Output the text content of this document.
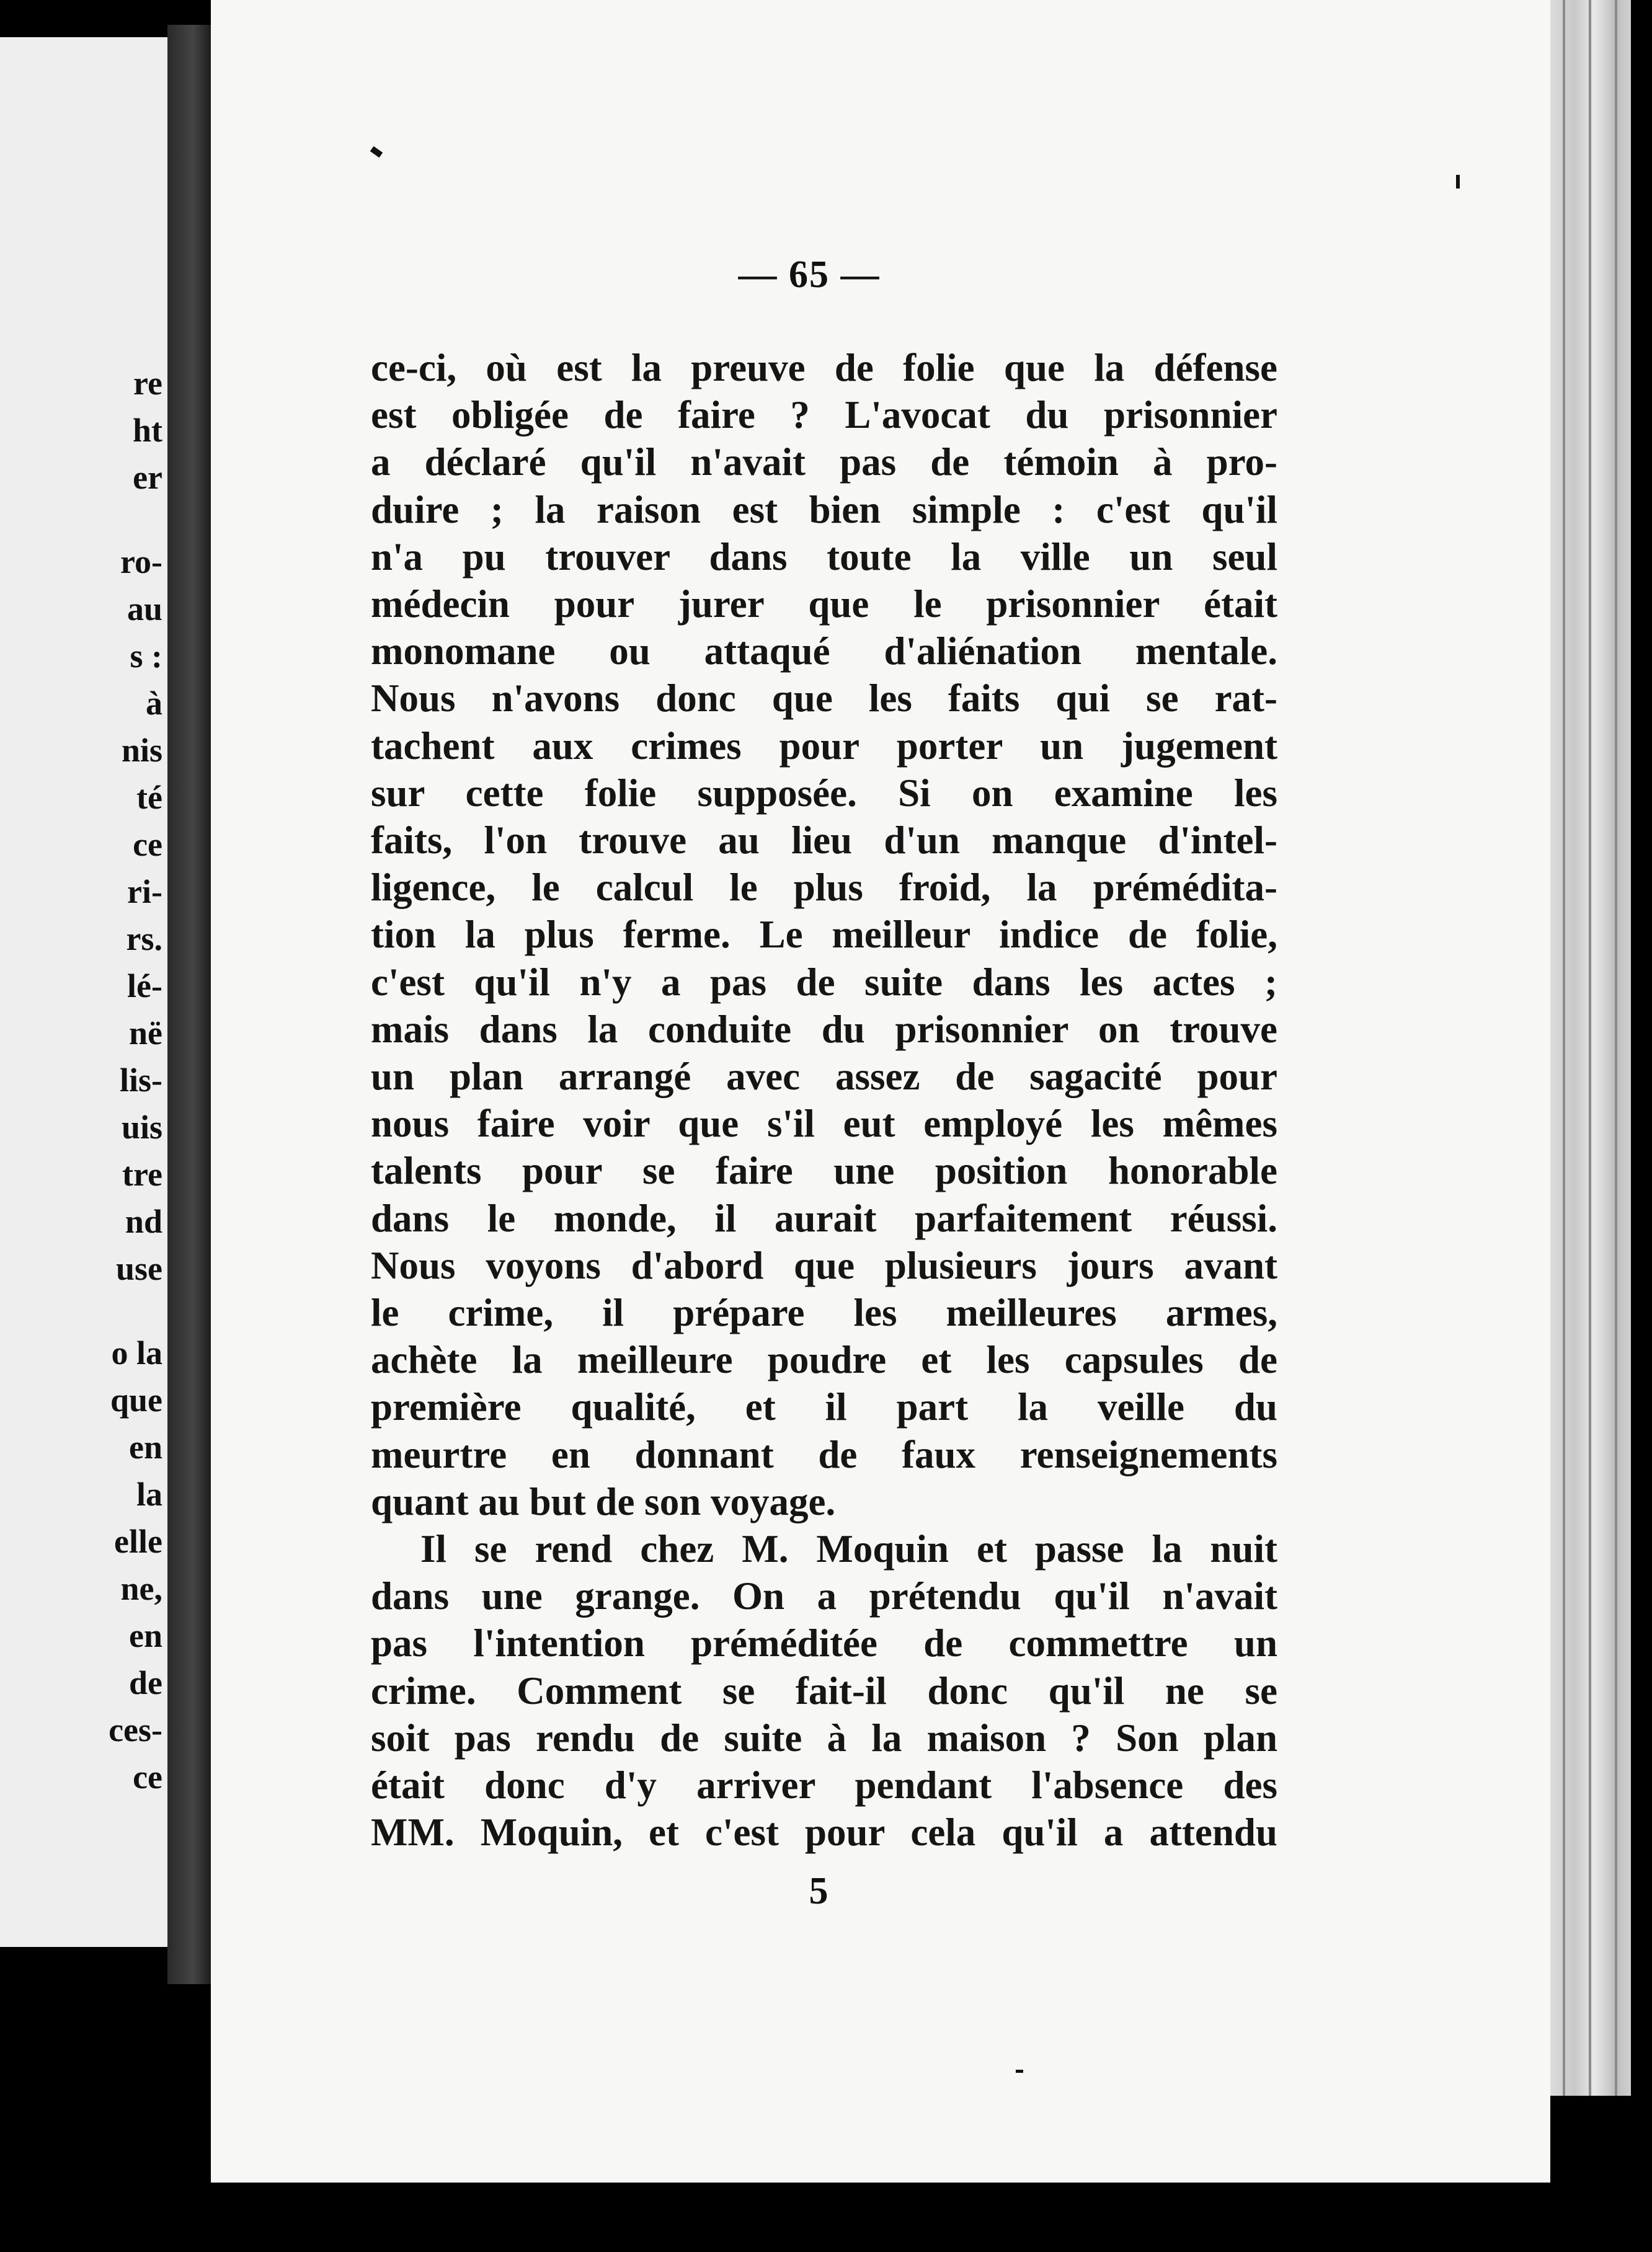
re
ht
er
ro-
au
s :
à
nis
té
ce
ri-
rs.
lé-
në
lis-
uis
tre
nd
use
o la
que
en
la
elle
ne,
en
de
ces-
ce
— 65 —
ce-ci, où est la preuve de folie que la défense
est obligée de faire ? L'avocat du prisonnier
a déclaré qu'il n'avait pas de témoin à pro-
duire ; la raison est bien simple : c'est qu'il
n'a pu trouver dans toute la ville un seul
médecin pour jurer que le prisonnier était
monomane ou attaqué d'aliénation mentale.
Nous n'avons donc que les faits qui se rat-
tachent aux crimes pour porter un jugement
sur cette folie supposée. Si on examine les
faits, l'on trouve au lieu d'un manque d'intel-
ligence, le calcul le plus froid, la prémédita-
tion la plus ferme. Le meilleur indice de folie,
c'est qu'il n'y a pas de suite dans les actes ;
mais dans la conduite du prisonnier on trouve
un plan arrangé avec assez de sagacité pour
nous faire voir que s'il eut employé les mêmes
talents pour se faire une position honorable
dans le monde, il aurait parfaitement réussi.
Nous voyons d'abord que plusieurs jours avant
le crime, il prépare les meilleures armes,
achète la meilleure poudre et les capsules de
première qualité, et il part la veille du
meurtre en donnant de faux renseignements
quant au but de son voyage.
Il se rend chez M. Moquin et passe la nuit
dans une grange. On a prétendu qu'il n'avait
pas l'intention préméditée de commettre un
crime. Comment se fait-il donc qu'il ne se
soit pas rendu de suite à la maison ? Son plan
était donc d'y arriver pendant l'absence des
MM. Moquin, et c'est pour cela qu'il a attendu
5
